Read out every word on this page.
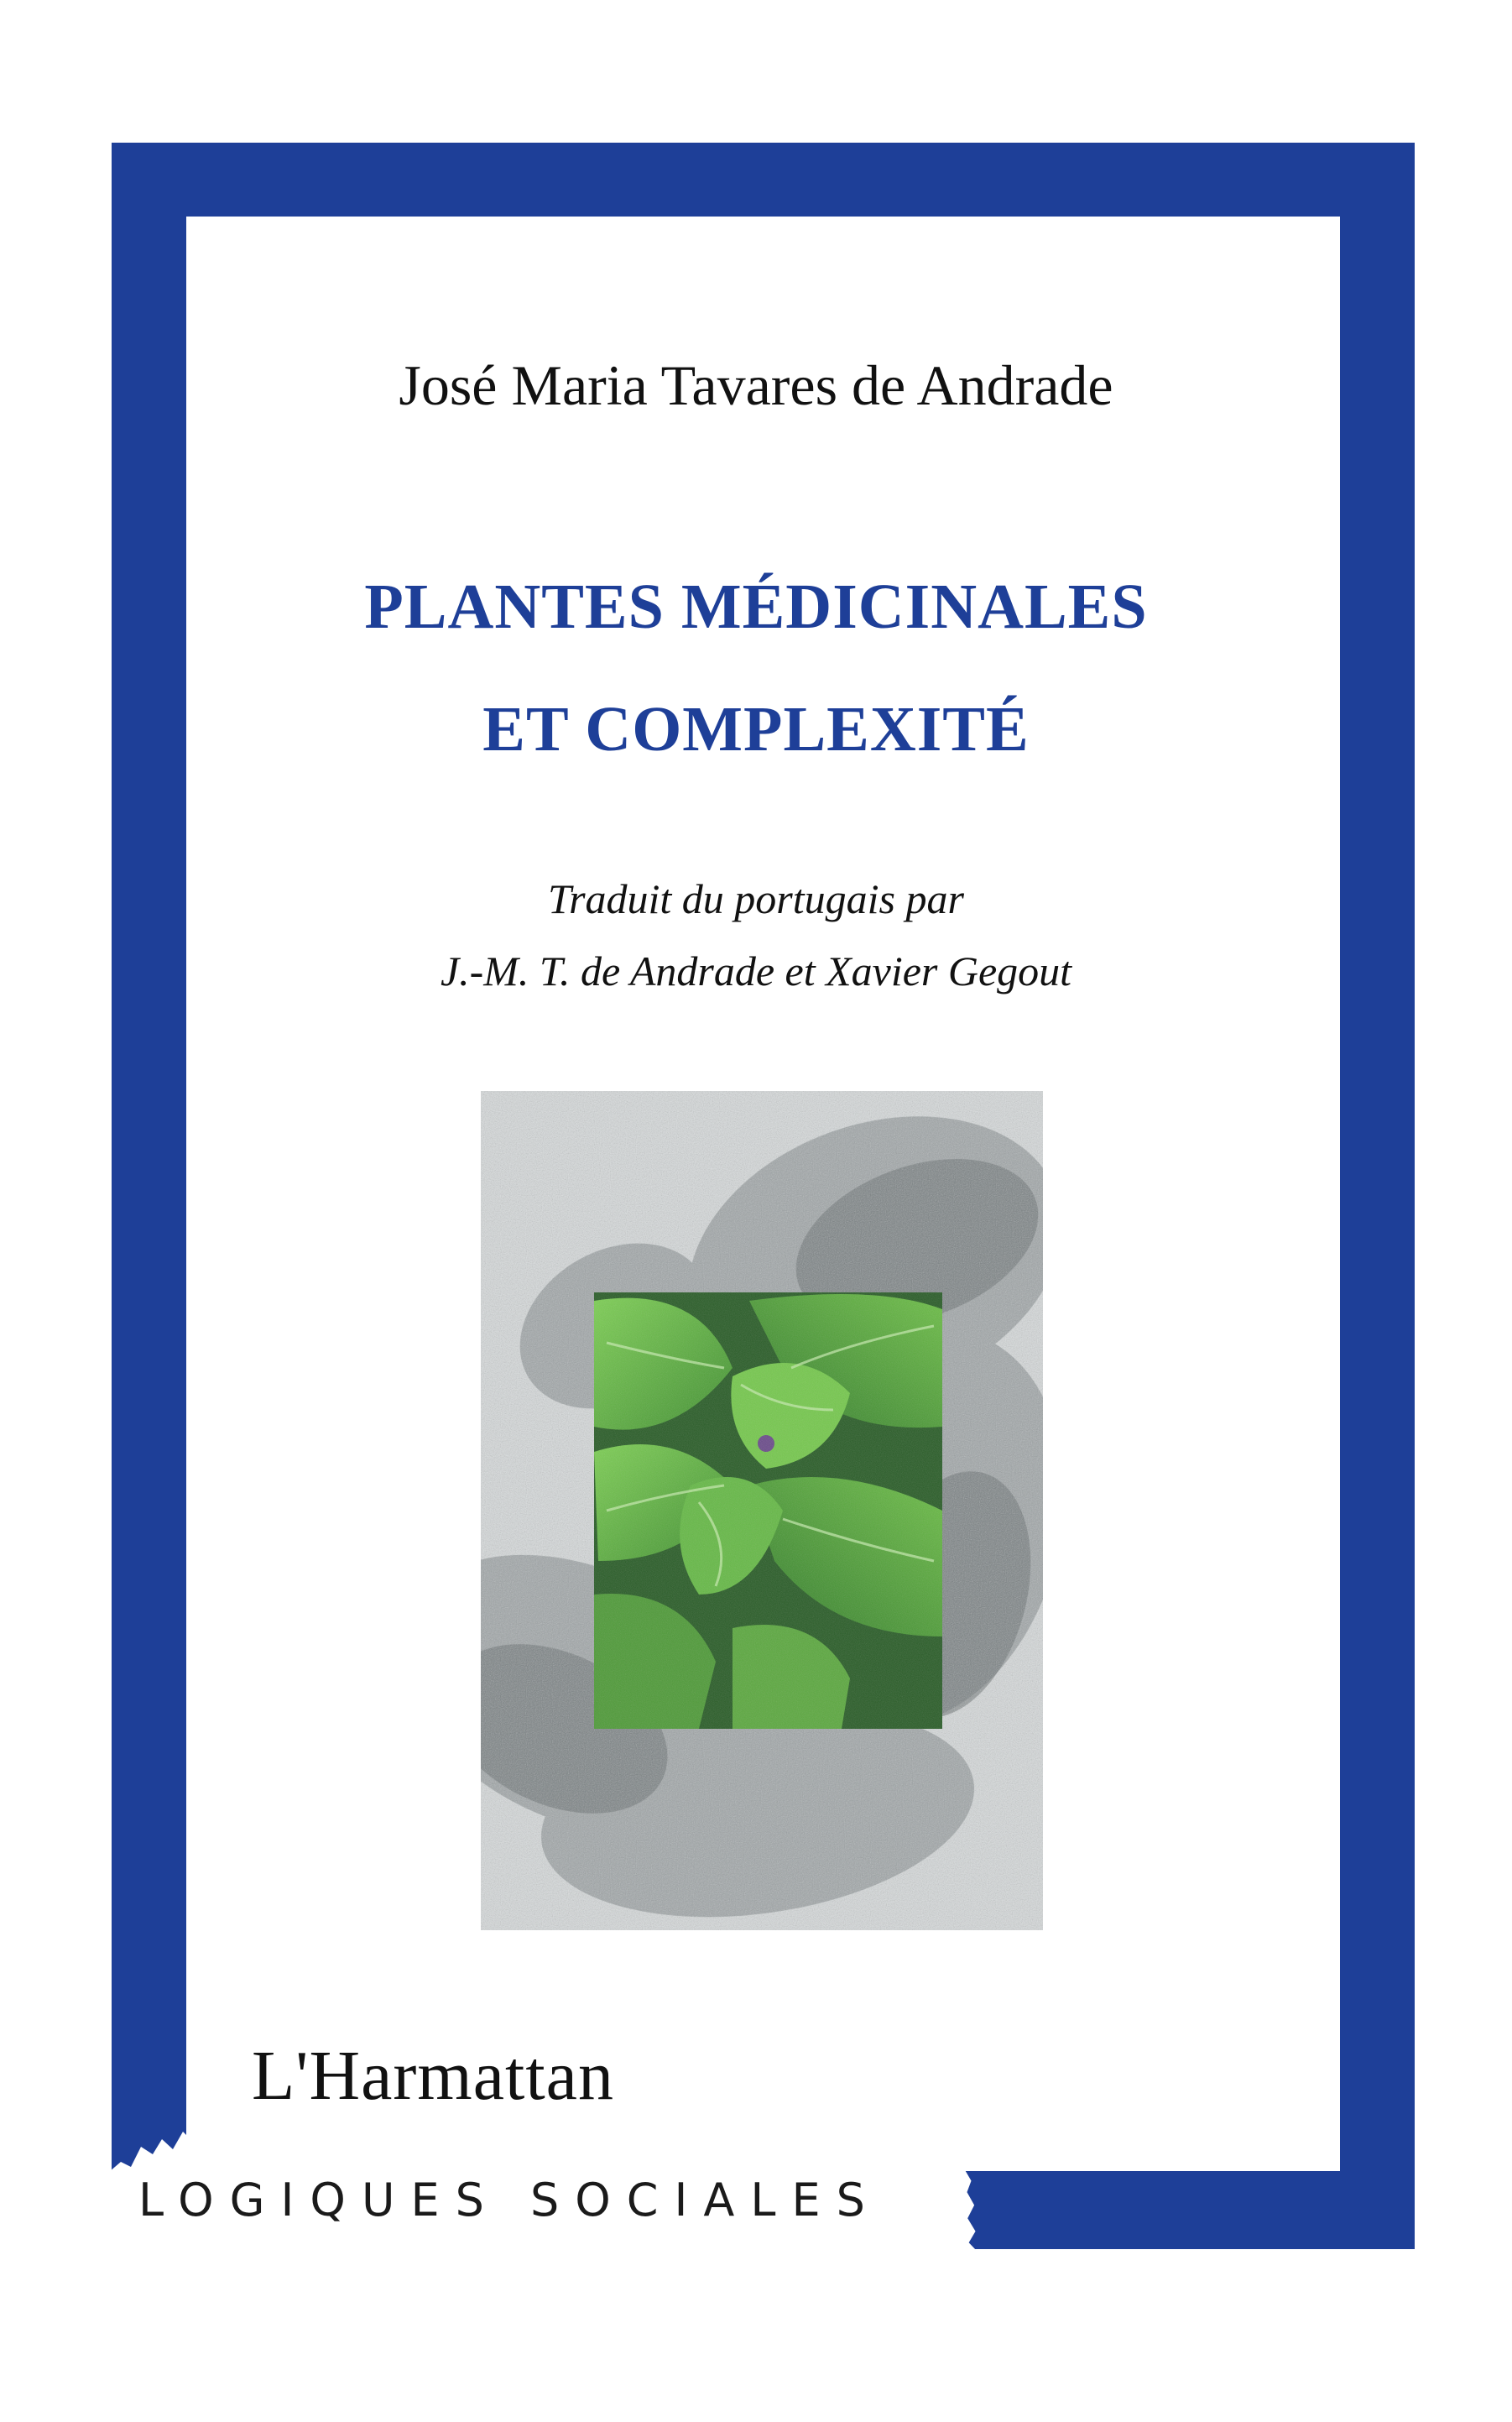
José Maria Tavares de Andrade
PLANTES MÉDICINALES
ET COMPLEXITÉ
Traduit du portugais par
J.-M. T. de Andrade et Xavier Gegout
L'Harmattan
LOGIQUES SOCIALES
